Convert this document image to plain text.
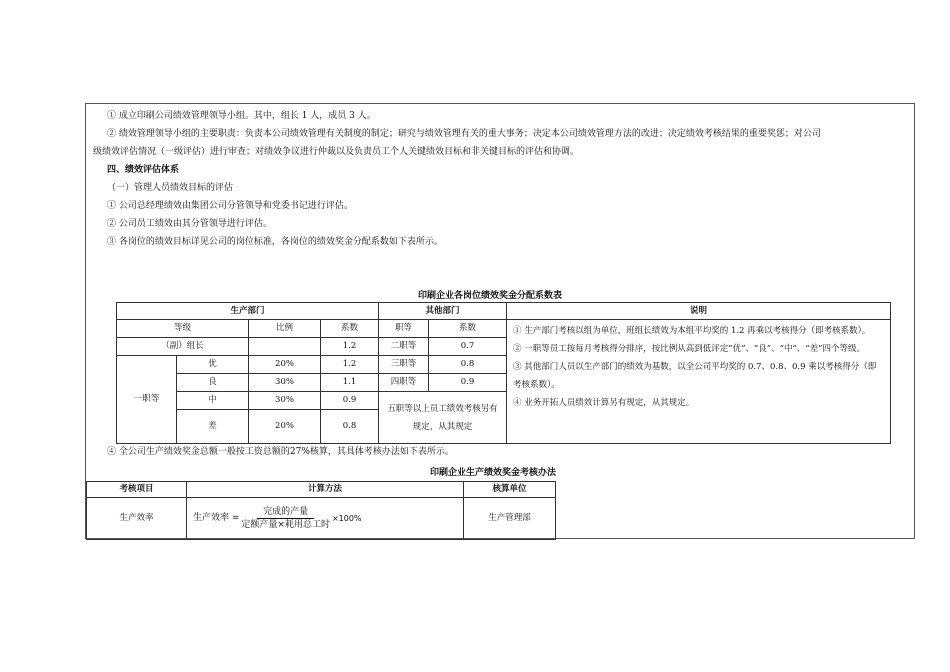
① 成立印刷公司绩效管理领导小组。其中，组长 1 人，成员 3 人。
② 绩效管理领导小组的主要职责：负责本公司绩效管理有关制度的制定；研究与绩效管理有关的重大事务；决定本公司绩效管理方法的改进；决定绩效考核结果的重要奖惩；对公司
级绩效评估情况（一级评估）进行审查；对绩效争议进行仲裁以及负责员工个人关键绩效目标和非关键目标的评估和协调。
四、绩效评估体系
（一）管理人员绩效目标的评估
① 公司总经理绩效由集团公司分管领导和党委书记进行评估。
② 公司员工绩效由其分管领导进行评估。
③ 各岗位的绩效目标详见公司的岗位标准，各岗位的绩效奖金分配系数如下表所示。
印刷企业各岗位绩效奖金分配系数表
生产部门				其他部门		说明
等级		比例	系数	职等	系数	① 生产部门考核以组为单位，班组长绩效为本组平均奖的 1.2 再乘以考核得分（即考核系数）。
② 一职等员工按每月考核得分排序，按比例从高到低评定“优”、“良”、“中”、“差”四个等级。
③ 其他部门人员以生产部门的绩效为基数，以全公司平均奖的 0.7、0.8、0.9 乘以考核得分（即考核系数）。
④ 业务开拓人员绩效计算另有规定，从其规定。

（副）组长			1.2	二职等	0.7	
一职等	优	20%	1.2	三职等	0.8	
	良	30%	1.1	四职等	0.9	
	中	30%	0.9	五职等以上员工绩效考核另有规定，从其规定		
	差	20%	0.8			
④ 全公司生产绩效奖金总额一般按工资总额的27%核算，其具体考核办法如下表所示。
印刷企业生产绩效奖金考核办法
考核项目	计算方法	核算单位
生产效率	生产效率 = $\frac{\text{完成的产量}}{\text{定额产量×耗用总工时}} \times 100\%$	生产管理部
